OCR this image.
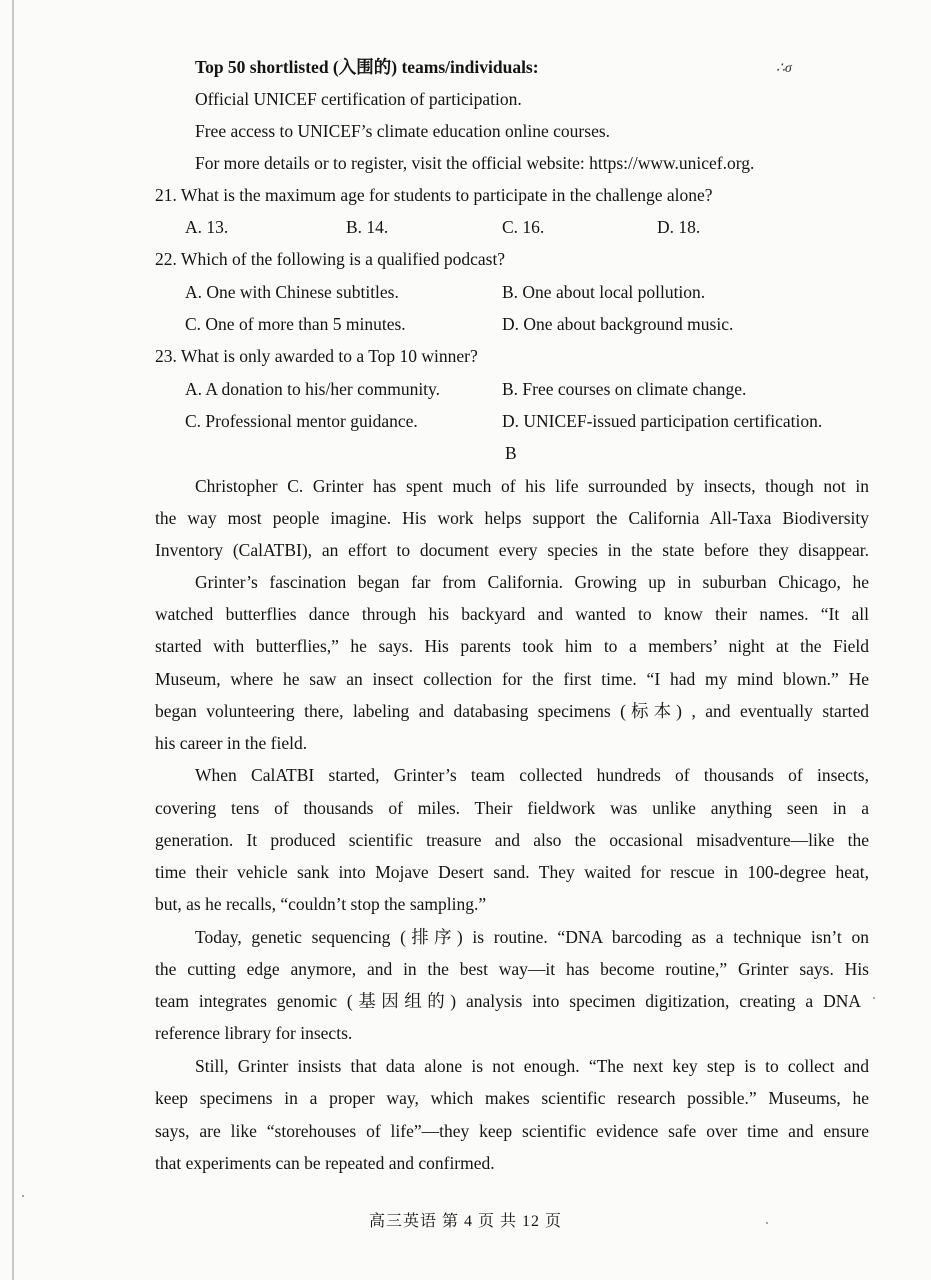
∴σ
Top 50 shortlisted (入围的) teams/individuals:
Official UNICEF certification of participation.
Free access to UNICEF’s climate education online courses.
For more details or to register, visit the official website: https://www.unicef.org.
21. What is the maximum age for students to participate in the challenge alone?
A. 13.	B. 14.	C. 16.	D. 18.
22. Which of the following is a qualified podcast?
A. One with Chinese subtitles.	B. One about local pollution.
C. One of more than 5 minutes.	D. One about background music.
23. What is only awarded to a Top 10 winner?
A. A donation to his/her community.	B. Free courses on climate change.
C. Professional mentor guidance.	D. UNICEF-issued participation certification.
B
Christopher C. Grinter has spent much of his life surrounded by insects, though not in
the way most people imagine. His work helps support the California All-Taxa Biodiversity
Inventory (CalATBI), an effort to document every species in the state before they disappear.
Grinter’s fascination began far from California. Growing up in suburban Chicago, he
watched butterflies dance through his backyard and wanted to know their names. “It all
started with butterflies,” he says. His parents took him to a members’ night at the Field
Museum, where he saw an insect collection for the first time. “I had my mind blown.” He
began volunteering there, labeling and databasing specimens (标本) , and eventually started
his career in the field.
When CalATBI started, Grinter’s team collected hundreds of thousands of insects,
covering tens of thousands of miles. Their fieldwork was unlike anything seen in a
generation. It produced scientific treasure and also the occasional misadventure—like the
time their vehicle sank into Mojave Desert sand. They waited for rescue in 100-degree heat,
but, as he recalls, “couldn’t stop the sampling.”
Today, genetic sequencing (排序) is routine. “DNA barcoding as a technique isn’t on
the cutting edge anymore, and in the best way—it has become routine,” Grinter says. His
team integrates genomic (基因组的) analysis into specimen digitization, creating a DNA
reference library for insects.
Still, Grinter insists that data alone is not enough. “The next key step is to collect and
keep specimens in a proper way, which makes scientific research possible.” Museums, he
says, are like “storehouses of life”—they keep scientific evidence safe over time and ensure
that experiments can be repeated and confirmed.
高三英语 第 4 页 共 12 页
